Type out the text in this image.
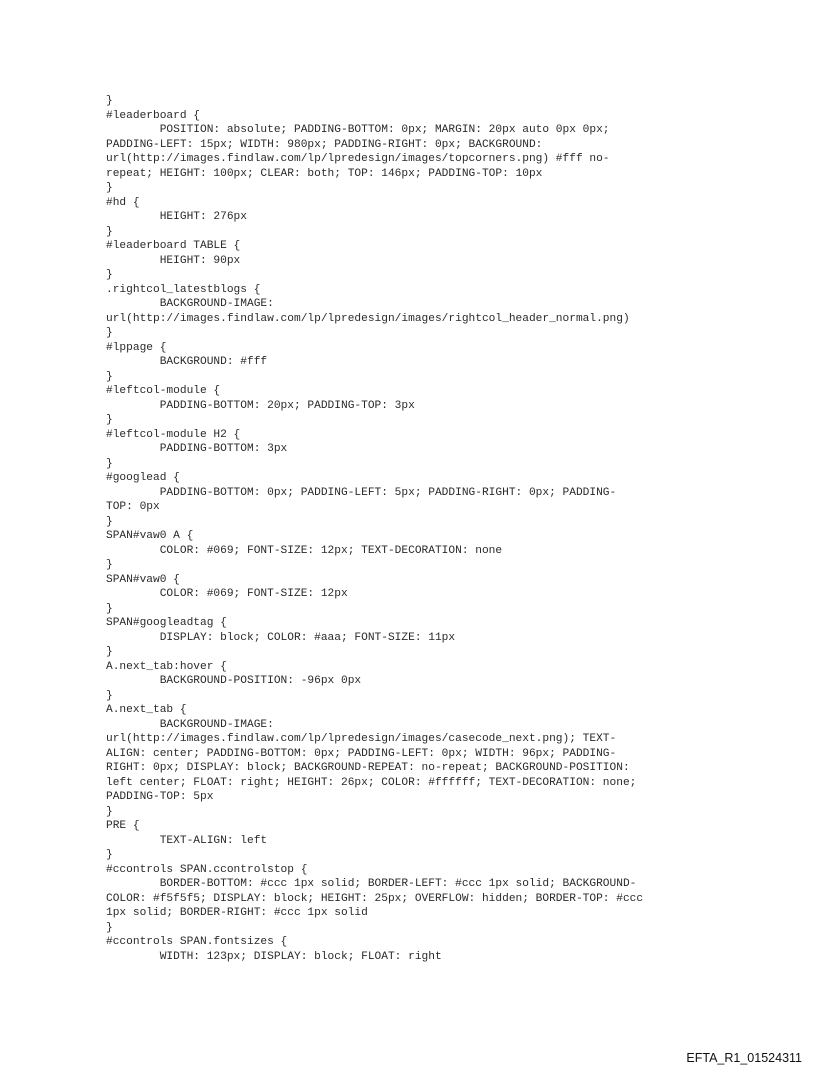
}
#leaderboard {
POSITION: absolute; PADDING-BOTTOM: 0px; MARGIN: 20px auto 0px 0px;
PADDING-LEFT: 15px; WIDTH: 980px; PADDING-RIGHT: 0px; BACKGROUND:
url(http://images.findlaw.com/lp/lpredesign/images/topcorners.png) #fff no-
repeat; HEIGHT: 100px; CLEAR: both; TOP: 146px; PADDING-TOP: 10px
}
#hd {
HEIGHT: 276px
}
#leaderboard TABLE {
HEIGHT: 90px
}
.rightcol_latestblogs {
BACKGROUND-IMAGE:
url(http://images.findlaw.com/lp/lpredesign/images/rightcol_header_normal.png)
}
#lppage {
BACKGROUND: #fff
}
#leftcol-module {
PADDING-BOTTOM: 20px; PADDING-TOP: 3px
}
#leftcol-module H2 {
PADDING-BOTTOM: 3px
}
#googlead {
PADDING-BOTTOM: 0px; PADDING-LEFT: 5px; PADDING-RIGHT: 0px; PADDING-
TOP: 0px
}
SPAN#vaw0 A {
COLOR: #069; FONT-SIZE: 12px; TEXT-DECORATION: none
}
SPAN#vaw0 {
COLOR: #069; FONT-SIZE: 12px
}
SPAN#googleadtag {
DISPLAY: block; COLOR: #aaa; FONT-SIZE: 11px
}
A.next_tab:hover {
BACKGROUND-POSITION: -96px 0px
}
A.next_tab {
BACKGROUND-IMAGE:
url(http://images.findlaw.com/lp/lpredesign/images/casecode_next.png); TEXT-
ALIGN: center; PADDING-BOTTOM: 0px; PADDING-LEFT: 0px; WIDTH: 96px; PADDING-
RIGHT: 0px; DISPLAY: block; BACKGROUND-REPEAT: no-repeat; BACKGROUND-POSITION:
left center; FLOAT: right; HEIGHT: 26px; COLOR: #ffffff; TEXT-DECORATION: none;
PADDING-TOP: 5px
}
PRE {
TEXT-ALIGN: left
}
#ccontrols SPAN.ccontrolstop {
BORDER-BOTTOM: #ccc 1px solid; BORDER-LEFT: #ccc 1px solid; BACKGROUND-
COLOR: #f5f5f5; DISPLAY: block; HEIGHT: 25px; OVERFLOW: hidden; BORDER-TOP: #ccc
1px solid; BORDER-RIGHT: #ccc 1px solid
}
#ccontrols SPAN.fontsizes {
WIDTH: 123px; DISPLAY: block; FLOAT: right
EFTA_R1_01524311
